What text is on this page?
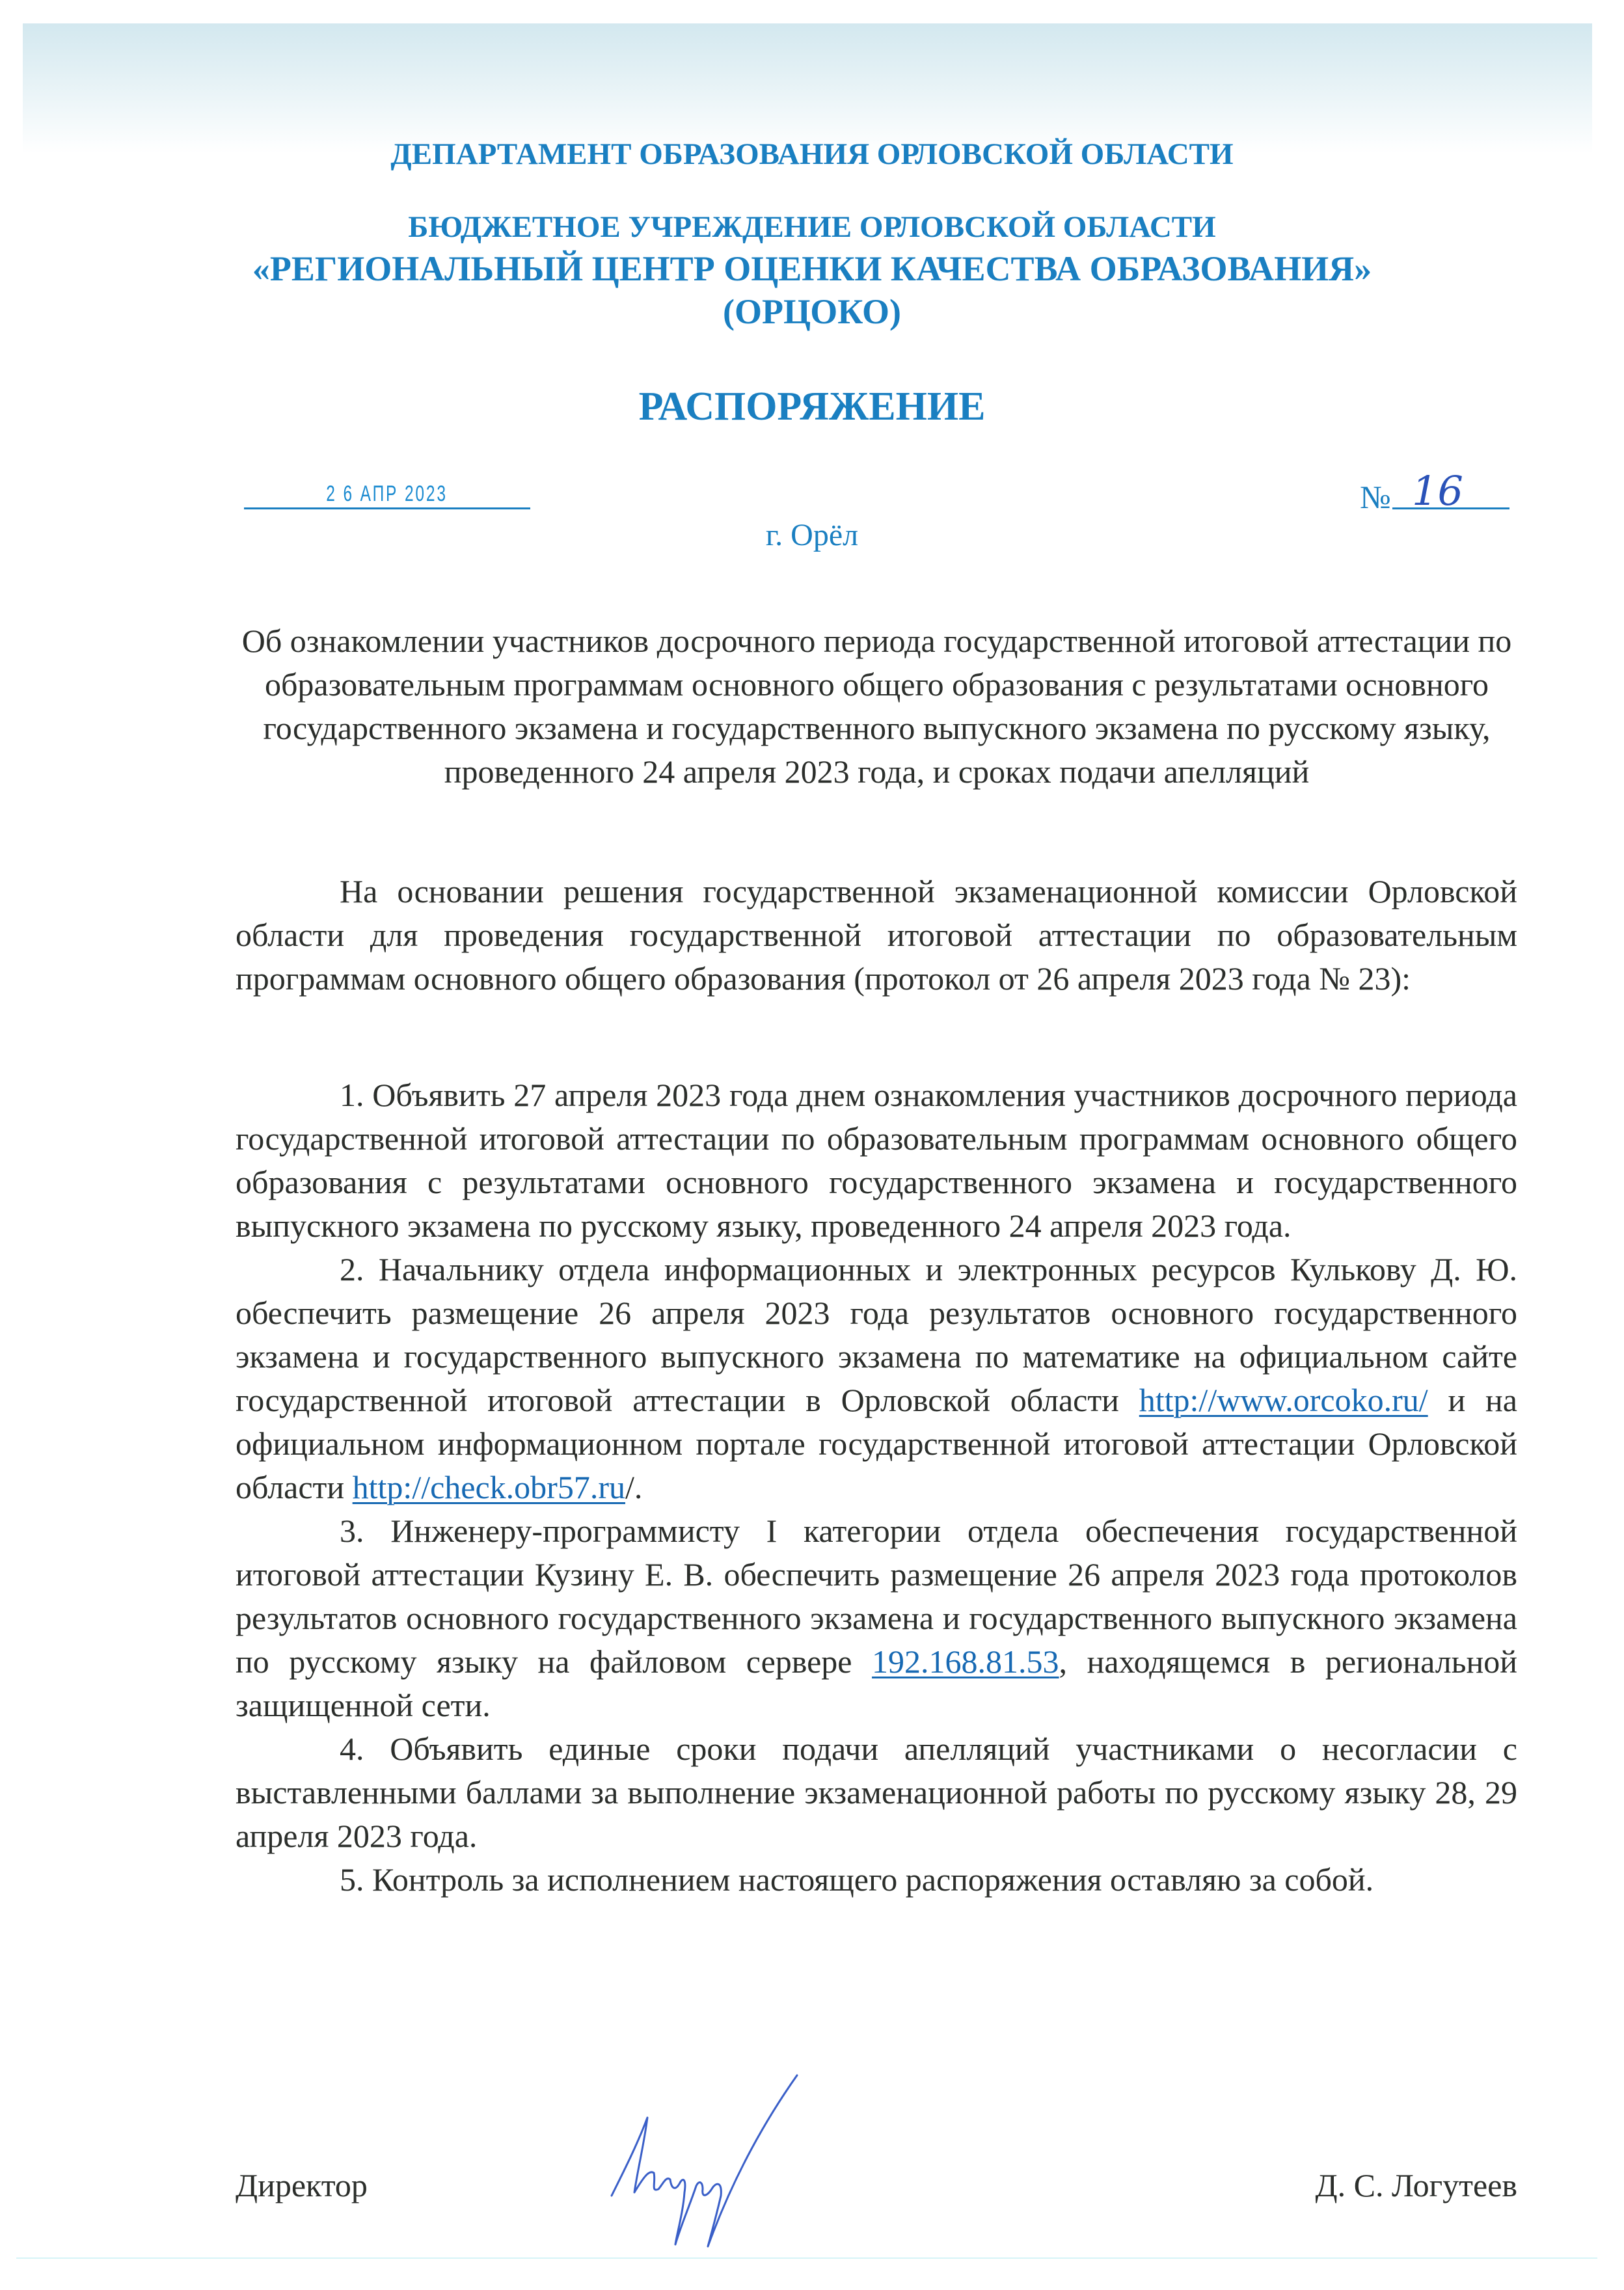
ДЕПАРТАМЕНТ ОБРАЗОВАНИЯ ОРЛОВСКОЙ ОБЛАСТИ
БЮДЖЕТНОЕ УЧРЕЖДЕНИЕ ОРЛОВСКОЙ ОБЛАСТИ
«РЕГИОНАЛЬНЫЙ ЦЕНТР ОЦЕНКИ КАЧЕСТВА ОБРАЗОВАНИЯ»
(ОРЦОКО)
РАСПОРЯЖЕНИЕ
2 6 АПР 2023	№ 16
г. Орёл
Об ознакомлении участников досрочного периода государственной итоговой аттестации по образовательным программам основного общего образования с результатами основного государственного экзамена и государственного выпускного экзамена по русскому языку, проведенного 24 апреля 2023 года, и сроках подачи апелляций

На основании решения государственной экзаменационной комиссии Орловской области для проведения государственной итоговой аттестации по образовательным программам основного общего образования (протокол от 26 апреля 2023 года № 23):

1. Объявить 27 апреля 2023 года днем ознакомления участников досрочного периода государственной итоговой аттестации по образовательным программам основного общего образования с результатами основного государственного экзамена и государственного выпускного экзамена по русскому языку, проведенного 24 апреля 2023 года.

2. Начальнику отдела информационных и электронных ресурсов Кулькову Д. Ю. обеспечить размещение 26 апреля 2023 года результатов основного государственного экзамена и государственного выпускного экзамена по математике на официальном сайте государственной итоговой аттестации в Орловской области http://www.orcoko.ru/ и на официальном информационном портале государственной итоговой аттестации Орловской области http://check.obr57.ru/.

3. Инженеру-программисту I категории отдела обеспечения государственной итоговой аттестации Кузину Е. В. обеспечить размещение 26 апреля 2023 года протоколов результатов основного государственного экзамена и государственного выпускного экзамена по русскому языку на файловом сервере 192.168.81.53, находящемся в региональной защищенной сети.

4. Объявить единые сроки подачи апелляций участниками о несогласии с выставленными баллами за выполнение экзаменационной работы по русскому языку 28, 29 апреля 2023 года.

5. Контроль за исполнением настоящего распоряжения оставляю за собой.

Директор	Д. С. Логутеев
